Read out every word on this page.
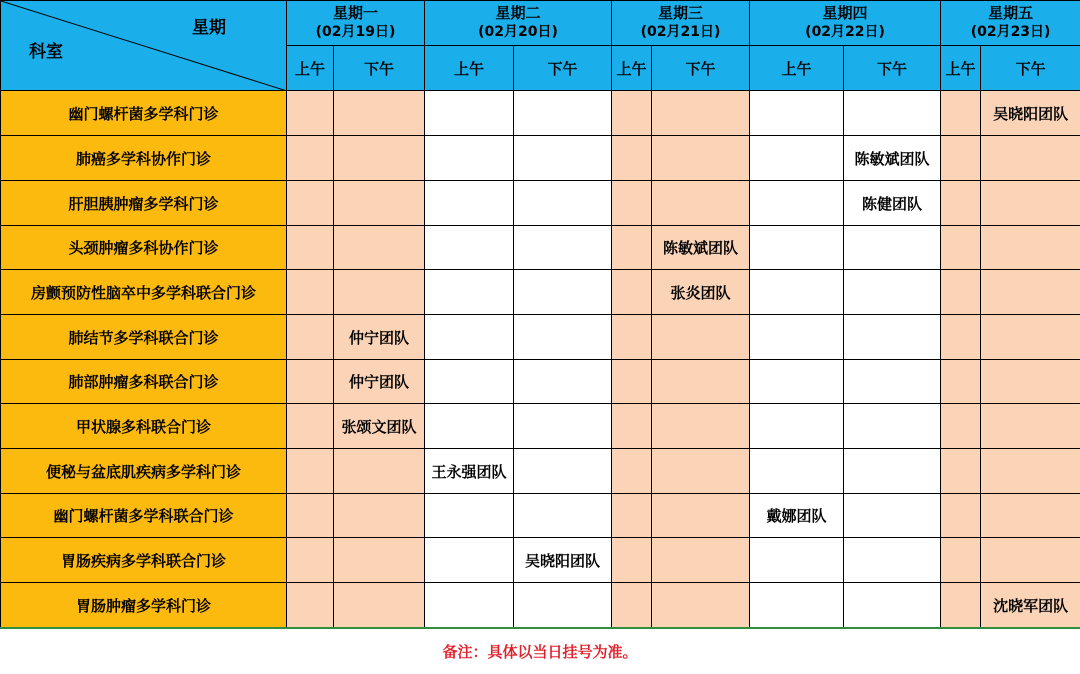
星期
科室	星期一
(02月19日)		星期二
(02月20日)		星期三
(02月21日)		星期四
(02月22日)		星期五
(02月23日)	

	上午	下午	上午	下午	上午	下午	上午	下午	上午	下午
幽门螺杆菌多学科门诊										吴晓阳团队
肺癌多学科协作门诊								陈敏斌团队		
肝胆胰肿瘤多学科门诊								陈健团队		
头颈肿瘤多科协作门诊						陈敏斌团队				
房颤预防性脑卒中多学科联合门诊						张炎团队				
肺结节多学科联合门诊		仲宁团队								
肺部肿瘤多科联合门诊		仲宁团队								
甲状腺多科联合门诊		张颂文团队								
便秘与盆底肌疾病多学科门诊			王永强团队							
幽门螺杆菌多学科联合门诊							戴娜团队			
胃肠疾病多学科联合门诊				吴晓阳团队						
胃肠肿瘤多学科门诊										沈晓军团队
备注：具体以当日挂号为准。
